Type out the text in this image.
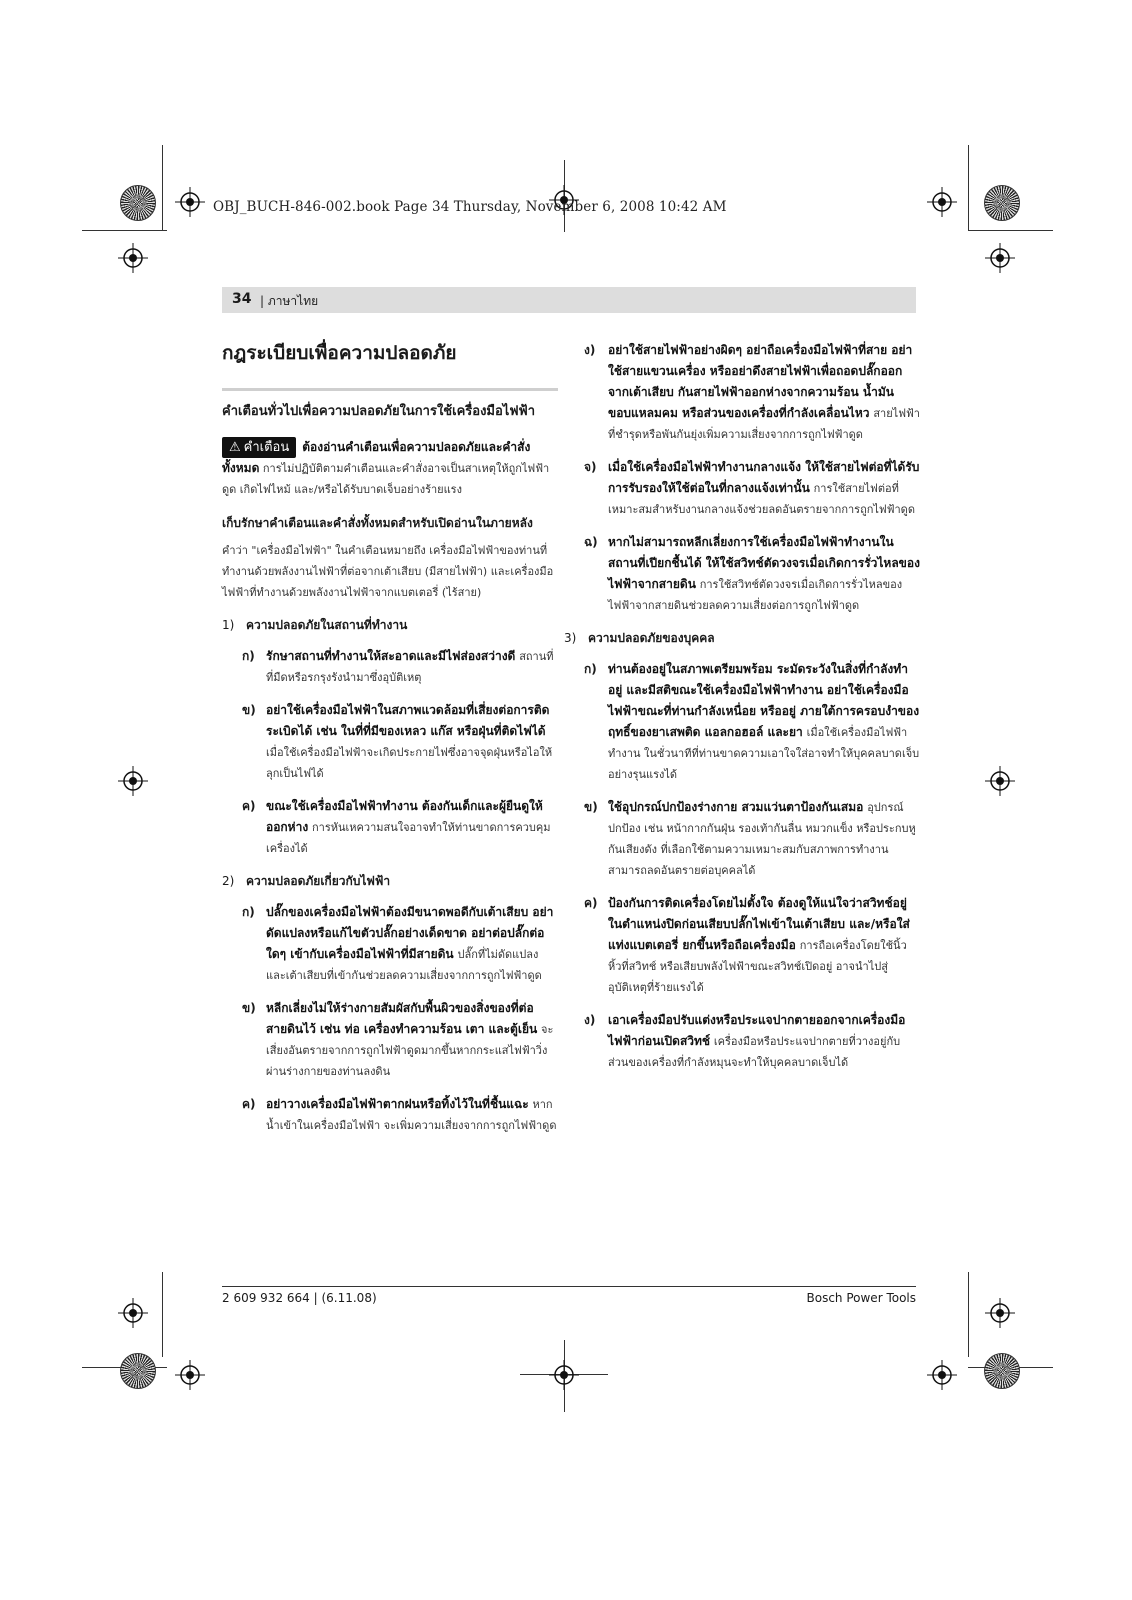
OBJ_BUCH-846-002.book Page 34 Thursday, November 6, 2008 10:42 AM
34 | ภาษาไทย
กฎระเบียบเพื่อความปลอดภัย
คำเตือนทั่วไปเพื่อความปลอดภัยในการใช้เครื่องมือไฟฟ้า
⚠ คำเตือน ต้องอ่านคำเตือนเพื่อความปลอดภัยและคำสั่งทั้งหมด การไม่ปฏิบัติตามคำเตือนและคำสั่งอาจเป็นสาเหตุให้ถูกไฟฟ้าดูด เกิดไฟไหม้ และ/หรือได้รับบาดเจ็บอย่างร้ายแรง
เก็บรักษาคำเตือนและคำสั่งทั้งหมดสำหรับเปิดอ่านในภายหลัง
คำว่า "เครื่องมือไฟฟ้า" ในคำเตือนหมายถึง เครื่องมือไฟฟ้าของท่านที่ทำงานด้วยพลังงานไฟฟ้าที่ต่อจากเต้าเสียบ (มีสายไฟฟ้า) และเครื่องมือไฟฟ้าที่ทำงานด้วยพลังงานไฟฟ้าจากแบตเตอรี่ (ไร้สาย)
1) ความปลอดภัยในสถานที่ทำงาน
ก) รักษาสถานที่ทำงานให้สะอาดและมีไฟส่องสว่างดี สถานที่ที่มืดหรือรกรุงรังนำมาซึ่งอุบัติเหตุ
ข) อย่าใช้เครื่องมือไฟฟ้าในสภาพแวดล้อมที่เสี่ยงต่อการติดระเบิดได้ เช่น ในที่ที่มีของเหลว แก๊ส หรือฝุ่นที่ติดไฟได้ เมื่อใช้เครื่องมือไฟฟ้าจะเกิดประกายไฟซึ่งอาจจุดฝุ่นหรือไอให้ลุกเป็นไฟได้
ค) ขณะใช้เครื่องมือไฟฟ้าทำงาน ต้องกันเด็กและผู้ยืนดูให้ออกห่าง การหันเหความสนใจอาจทำให้ท่านขาดการควบคุมเครื่องได้
2) ความปลอดภัยเกี่ยวกับไฟฟ้า
ก) ปลั๊กของเครื่องมือไฟฟ้าต้องมีขนาดพอดีกับเต้าเสียบ อย่าดัดแปลงหรือแก้ไขตัวปลั๊กอย่างเด็ดขาด อย่าต่อปลั๊กต่อใดๆ เข้ากับเครื่องมือไฟฟ้าที่มีสายดิน ปลั๊กที่ไม่ดัดแปลงและเต้าเสียบที่เข้ากันช่วยลดความเสี่ยงจากการถูกไฟฟ้าดูด
ข) หลีกเลี่ยงไม่ให้ร่างกายสัมผัสกับพื้นผิวของสิ่งของที่ต่อสายดินไว้ เช่น ท่อ เครื่องทำความร้อน เตา และตู้เย็น จะเสี่ยงอันตรายจากการถูกไฟฟ้าดูดมากขึ้นหากกระแสไฟฟ้าวิ่งผ่านร่างกายของท่านลงดิน
ค) อย่าวางเครื่องมือไฟฟ้าตากฝนหรือทิ้งไว้ในที่ชื้นแฉะ หากน้ำเข้าในเครื่องมือไฟฟ้า จะเพิ่มความเสี่ยงจากการถูกไฟฟ้าดูด
ง) อย่าใช้สายไฟฟ้าอย่างผิดๆ อย่าถือเครื่องมือไฟฟ้าที่สาย อย่าใช้สายแขวนเครื่อง หรืออย่าดึงสายไฟฟ้าเพื่อถอดปลั๊กออกจากเต้าเสียบ กันสายไฟฟ้าออกห่างจากความร้อน น้ำมัน ขอบแหลมคม หรือส่วนของเครื่องที่กำลังเคลื่อนไหว สายไฟฟ้าที่ชำรุดหรือพันกันยุ่งเพิ่มความเสี่ยงจากการถูกไฟฟ้าดูด
จ) เมื่อใช้เครื่องมือไฟฟ้าทำงานกลางแจ้ง ให้ใช้สายไฟต่อที่ได้รับการรับรองให้ใช้ต่อในที่กลางแจ้งเท่านั้น การใช้สายไฟต่อที่เหมาะสมสำหรับงานกลางแจ้งช่วยลดอันตรายจากการถูกไฟฟ้าดูด
ฉ) หากไม่สามารถหลีกเลี่ยงการใช้เครื่องมือไฟฟ้าทำงานในสถานที่เปียกชื้นได้ ให้ใช้สวิทช์ตัดวงจรเมื่อเกิดการรั่วไหลของไฟฟ้าจากสายดิน การใช้สวิทช์ตัดวงจรเมื่อเกิดการรั่วไหลของไฟฟ้าจากสายดินช่วยลดความเสี่ยงต่อการถูกไฟฟ้าดูด
3) ความปลอดภัยของบุคคล
ก) ท่านต้องอยู่ในสภาพเตรียมพร้อม ระมัดระวังในสิ่งที่กำลังทำอยู่ และมีสติขณะใช้เครื่องมือไฟฟ้าทำงาน อย่าใช้เครื่องมือไฟฟ้าขณะที่ท่านกำลังเหนื่อย หรืออยู่ ภายใต้การครอบงำของฤทธิ์ของยาเสพติด แอลกอฮอล์ และยา เมื่อใช้เครื่องมือไฟฟ้าทำงาน ในชั่วนาทีที่ท่านขาดความเอาใจใส่อาจทำให้บุคคลบาดเจ็บอย่างรุนแรงได้
ข) ใช้อุปกรณ์ปกป้องร่างกาย สวมแว่นตาป้องกันเสมอ อุปกรณ์ปกป้อง เช่น หน้ากากกันฝุ่น รองเท้ากันลื่น หมวกแข็ง หรือประกบหูกันเสียงดัง ที่เลือกใช้ตามความเหมาะสมกับสภาพการทำงาน สามารถลดอันตรายต่อบุคคลได้
ค) ป้องกันการติดเครื่องโดยไม่ตั้งใจ ต้องดูให้แน่ใจว่าสวิทช์อยู่ในตำแหน่งปิดก่อนเสียบปลั๊กไฟเข้าในเต้าเสียบ และ/หรือใส่แท่งแบตเตอรี่ ยกขึ้นหรือถือเครื่องมือ การถือเครื่องโดยใช้นิ้วหิ้วที่สวิทช์ หรือเสียบพลังไฟฟ้าขณะสวิทช์เปิดอยู่ อาจนำไปสู่อุบัติเหตุที่ร้ายแรงได้
ง) เอาเครื่องมือปรับแต่งหรือประแจปากตายออกจากเครื่องมือไฟฟ้าก่อนเปิดสวิทช์ เครื่องมือหรือประแจปากตายที่วางอยู่กับส่วนของเครื่องที่กำลังหมุนจะทำให้บุคคลบาดเจ็บได้
2 609 932 664 | (6.11.08)	Bosch Power Tools
